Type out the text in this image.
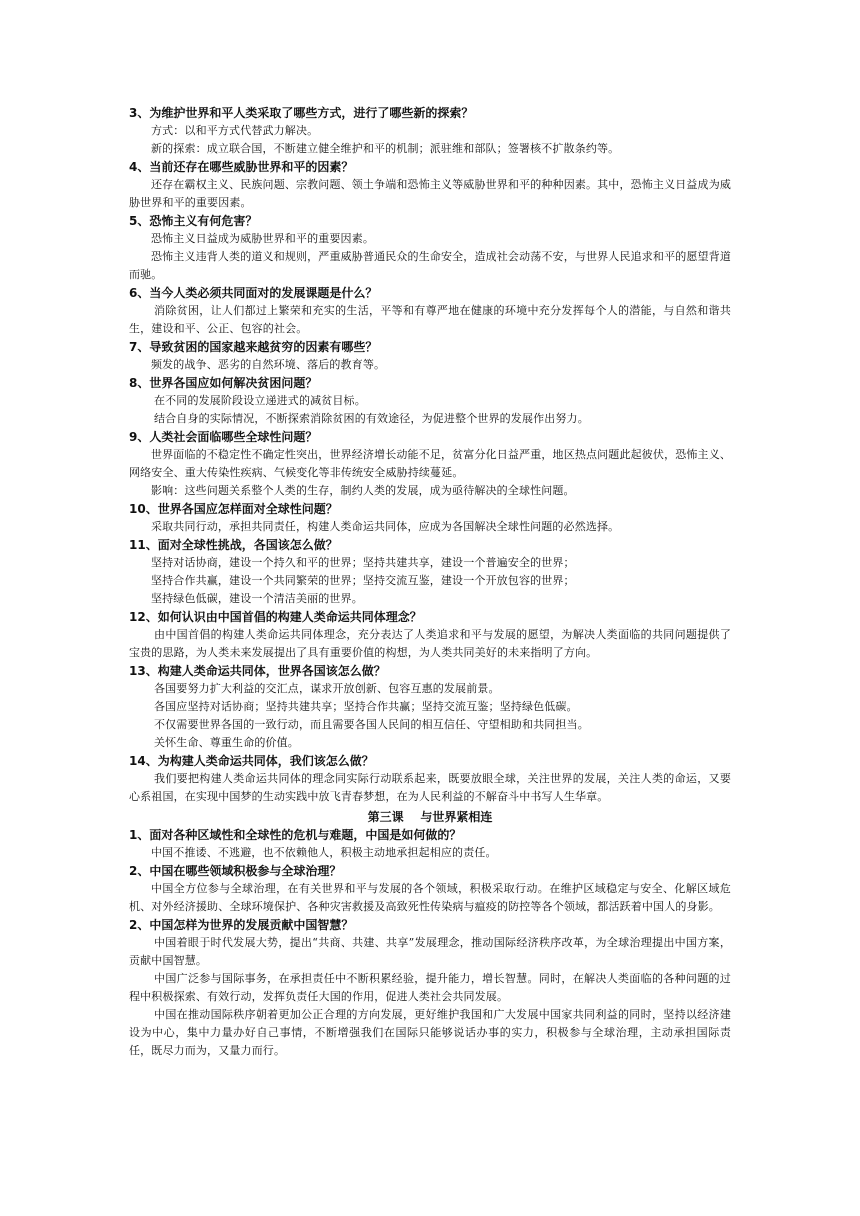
3、为维护世界和平人类采取了哪些方式，进行了哪些新的探索？
方式：以和平方式代替武力解决。
新的探索：成立联合国，不断建立健全维护和平的机制；派驻维和部队；签署核不扩散条约等。
4、当前还存在哪些威胁世界和平的因素？
还存在霸权主义、民族问题、宗教问题、领土争端和恐怖主义等威胁世界和平的种种因素。其中，恐怖主义日益成为威胁世界和平的重要因素。
5、恐怖主义有何危害？
恐怖主义日益成为威胁世界和平的重要因素。
恐怖主义违背人类的道义和规则，严重威胁普通民众的生命安全，造成社会动荡不安，与世界人民追求和平的愿望背道而驰。
6、当今人类必须共同面对的发展课题是什么？
消除贫困，让人们都过上繁荣和充实的生活，平等和有尊严地在健康的环境中充分发挥每个人的潜能，与自然和谐共生，建设和平、公正、包容的社会。
7、导致贫困的国家越来越贫穷的因素有哪些？
频发的战争、恶劣的自然环境、落后的教育等。
8、世界各国应如何解决贫困问题？
在不同的发展阶段设立递进式的减贫目标。
结合自身的实际情况，不断探索消除贫困的有效途径，为促进整个世界的发展作出努力。
9、人类社会面临哪些全球性问题？
世界面临的不稳定性不确定性突出，世界经济增长动能不足，贫富分化日益严重，地区热点问题此起彼伏，恐怖主义、网络安全、重大传染性疾病、气候变化等非传统安全威胁持续蔓延。
影响：这些问题关系整个人类的生存，制约人类的发展，成为亟待解决的全球性问题。
10、世界各国应怎样面对全球性问题？
采取共同行动，承担共同责任，构建人类命运共同体，应成为各国解决全球性问题的必然选择。
11、面对全球性挑战，各国该怎么做？
坚持对话协商，建设一个持久和平的世界；坚持共建共享，建设一个普遍安全的世界；
坚持合作共赢，建设一个共同繁荣的世界；坚持交流互鉴，建设一个开放包容的世界；
坚持绿色低碳，建设一个清洁美丽的世界。
12、如何认识由中国首倡的构建人类命运共同体理念？
由中国首倡的构建人类命运共同体理念，充分表达了人类追求和平与发展的愿望，为解决人类面临的共同问题提供了宝贵的思路，为人类未来发展提出了具有重要价值的构想，为人类共同美好的未来指明了方向。
13、构建人类命运共同体，世界各国该怎么做？
各国要努力扩大利益的交汇点，谋求开放创新、包容互惠的发展前景。
各国应坚持对话协商；坚持共建共享；坚持合作共赢；坚持交流互鉴；坚持绿色低碳。
不仅需要世界各国的一致行动，而且需要各国人民间的相互信任、守望相助和共同担当。
关怀生命、尊重生命的价值。
14、为构建人类命运共同体，我们该怎么做？
我们要把构建人类命运共同体的理念同实际行动联系起来，既要放眼全球，关注世界的发展，关注人类的命运，又要心系祖国，在实现中国梦的生动实践中放飞青春梦想，在为人民利益的不解奋斗中书写人生华章。
第三课    与世界紧相连
1、面对各种区域性和全球性的危机与难题，中国是如何做的？
中国不推诿、不逃避，也不依赖他人，积极主动地承担起相应的责任。
2、中国在哪些领域积极参与全球治理？
中国全方位参与全球治理，在有关世界和平与发展的各个领域，积极采取行动。在维护区域稳定与安全、化解区域危机、对外经济援助、全球环境保护、各种灾害救援及高致死性传染病与瘟疫的防控等各个领域，都活跃着中国人的身影。
2、中国怎样为世界的发展贡献中国智慧？
中国着眼于时代发展大势，提出“共商、共建、共享”发展理念，推动国际经济秩序改革，为全球治理提出中国方案，贡献中国智慧。
中国广泛参与国际事务，在承担责任中不断积累经验，提升能力，增长智慧。同时，在解决人类面临的各种问题的过程中积极探索、有效行动，发挥负责任大国的作用，促进人类社会共同发展。
中国在推动国际秩序朝着更加公正合理的方向发展，更好维护我国和广大发展中国家共同利益的同时，坚持以经济建设为中心，集中力量办好自己事情，不断增强我们在国际只能够说话办事的实力，积极参与全球治理，主动承担国际责任，既尽力而为，又量力而行。
